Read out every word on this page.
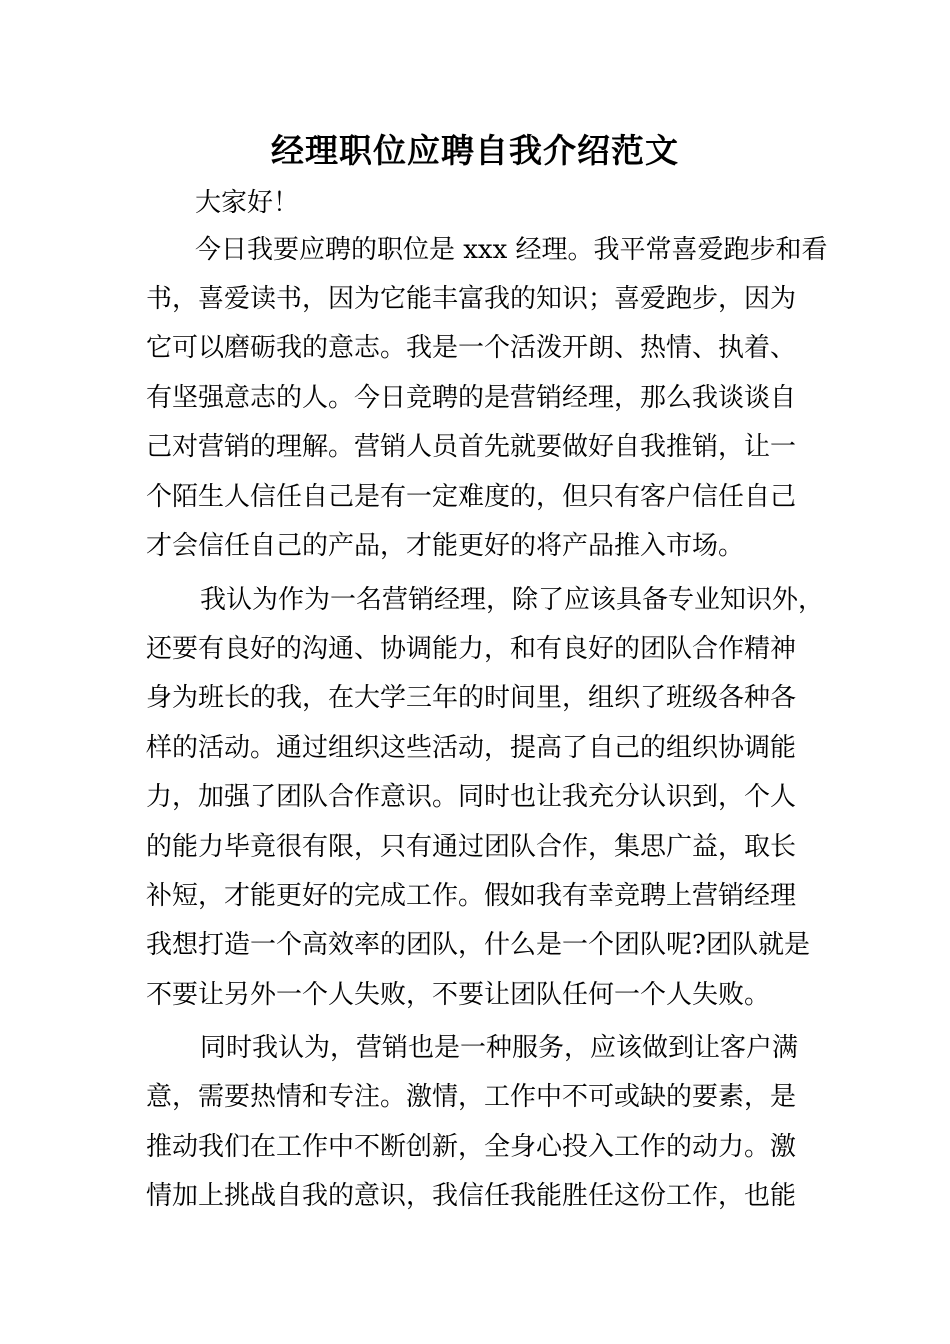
经理职位应聘自我介绍范文

大家好！

今日我要应聘的职位是 xxx 经理。我平常喜爱跑步和看

书，喜爱读书，因为它能丰富我的知识；喜爱跑步，因为

它可以磨砺我的意志。我是一个活泼开朗、热情、执着、

有坚强意志的人。今日竞聘的是营销经理，那么我谈谈自

己对营销的理解。营销人员首先就要做好自我推销，让一

个陌生人信任自己是有一定难度的，但只有客户信任自己

才会信任自己的产品，才能更好的将产品推入市场。

我认为作为一名营销经理，除了应该具备专业知识外，

还要有良好的沟通、协调能力，和有良好的团队合作精神

身为班长的我，在大学三年的时间里，组织了班级各种各

样的活动。通过组织这些活动，提高了自己的组织协调能

力，加强了团队合作意识。同时也让我充分认识到，个人

的能力毕竟很有限，只有通过团队合作，集思广益，取长

补短，才能更好的完成工作。假如我有幸竞聘上营销经理

我想打造一个高效率的团队，什么是一个团队呢?团队就是

不要让另外一个人失败，不要让团队任何一个人失败。

同时我认为，营销也是一种服务，应该做到让客户满

意，需要热情和专注。激情，工作中不可或缺的要素，是

推动我们在工作中不断创新，全身心投入工作的动力。激

情加上挑战自我的意识，我信任我能胜任这份工作，也能
